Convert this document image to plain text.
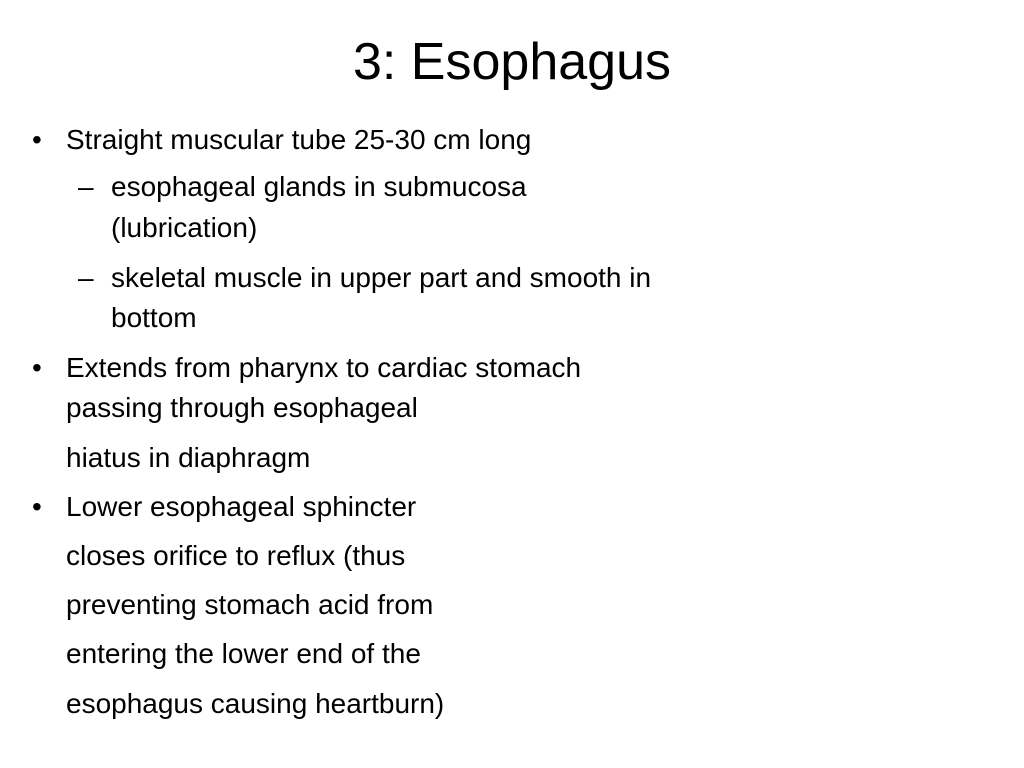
3: Esophagus
• Straight muscular tube 25-30 cm long
– esophageal glands in submucosa
(lubrication)
– skeletal muscle in upper part and smooth in
bottom
• Extends from pharynx to cardiac stomach
passing through esophageal
hiatus in diaphragm
• Lower esophageal sphincter
closes orifice to reflux (thus
preventing stomach acid from
entering the lower end of the
esophagus causing heartburn)
